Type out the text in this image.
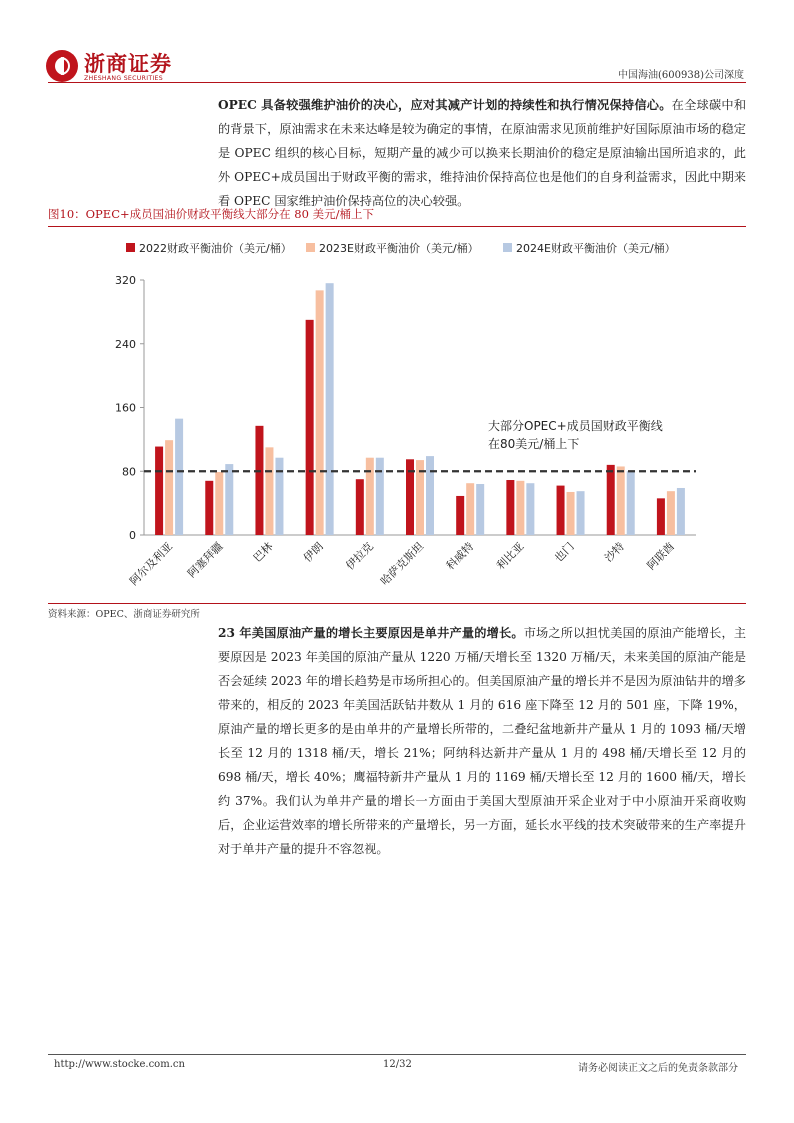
浙商证券
ZHESHANG SECURITIES	中国海油(600938)公司深度

OPEC 具备较强维护油价的决心，应对其减产计划的持续性和执行情况保持信心。在全球碳中和的背景下，原油需求在未来达峰是较为确定的事情，在原油需求见顶前维护好国际原油市场的稳定是 OPEC 组织的核心目标，短期产量的减少可以换来长期油价的稳定是原油输出国所追求的，此外 OPEC+成员国出于财政平衡的需求，维持油价保持高位也是他们的自身利益需求，因此中期来看 OPEC 国家维护油价保持高位的决心较强。

图10：OPEC+成员国油价财政平衡线大部分在 80 美元/桶上下
2022财政平衡油价（美元/桶） 2023E财政平衡油价（美元/桶）	2024E财政平衡油价（美元/桶）
0
80
160
240
320
阿尔及利亚 阿塞拜疆 巴林 伊朗 伊拉克 哈萨克斯坦 科威特 利比亚 也门 沙特 阿联酋
大部分OPEC+成员国财政平衡线
在80美元/桶上下
资料来源：OPEC、浙商证券研究所

23 年美国原油产量的增长主要原因是单井产量的增长。市场之所以担忧美国的原油产能增长，主要原因是 2023 年美国的原油产量从 1220 万桶/天增长至 1320 万桶/天，未来美国的原油产能是否会延续 2023 年的增长趋势是市场所担心的。但美国原油产量的增长并不是因为原油钻井的增多带来的，相反的 2023 年美国活跃钻井数从 1 月的 616 座下降至 12 月的 501 座，下降 19%，原油产量的增长更多的是由单井的产量增长所带的，二叠纪盆地新井产量从 1 月的 1093 桶/天增长至 12 月的 1318 桶/天，增长 21%；阿纳科达新井产量从 1 月的 498 桶/天增长至 12 月的 698 桶/天，增长 40%；鹰福特新井产量从 1 月的 1169 桶/天增长至 12 月的 1600 桶/天，增长约 37%。我们认为单井产量的增长一方面由于美国大型原油开采企业对于中小原油开采商收购后，企业运营效率的增长所带来的产量增长，另一方面，延长水平线的技术突破带来的生产率提升对于单井产量的提升不容忽视。

http://www.stocke.com.cn	12/32	请务必阅读正文之后的免责条款部分
